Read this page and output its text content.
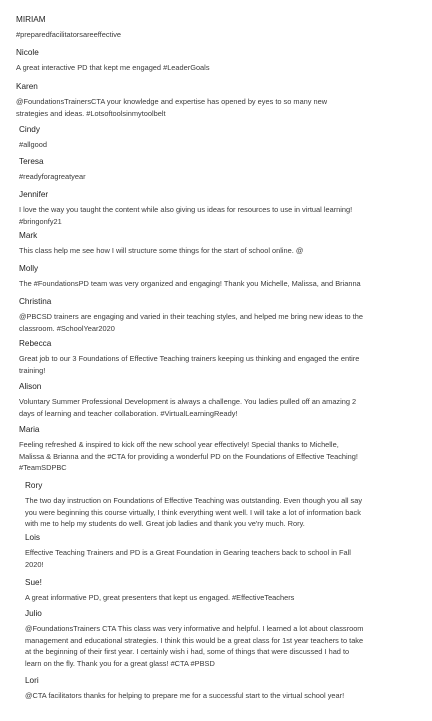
MIRIAM
#preparedfacilitatorsareeffective
Nicole
A great interactive PD that kept me engaged #LeaderGoals
Karen
@FoundationsTrainersCTA your knowledge and expertise has opened by eyes to so many new
strategies and ideas. #Lotsoftoolsinmytoolbelt
Cindy
#allgood
Teresa
#readyforagreatyear
Jennifer
I love the way you taught the content while also giving us ideas for resources to use in virtual learning!
#bringonfy21
Mark
This class help me see how I will structure some things for the start of school online. @
Molly
The #FoundationsPD team was very organized and engaging! Thank you Michelle, Malissa, and Brianna
Christina
@PBCSD trainers are engaging and varied in their teaching styles, and helped me bring new ideas to the
classroom. #SchoolYear2020
Rebecca
Great job to our 3 Foundations of Effective Teaching trainers keeping us thinking and engaged the entire
training!
Alison
Voluntary Summer Professional Development is always a challenge. You ladies pulled off an amazing 2
days of learning and teacher collaboration. #VirtualLearningReady!
Maria
Feeling refreshed & inspired to kick off the new school year effectively! Special thanks to Michelle,
Malissa & Brianna and the #CTA for providing a wonderful PD on the Foundations of Effective Teaching!
#TeamSDPBC
Rory
The two day instruction on Foundations of Effective Teaching was outstanding. Even though you all say
you were beginning this course virtually, I think everything went well. I will take a lot of information back
with me to help my students do well. Great job ladies and thank you ve'ry much. Rory.
Lois
Effective Teaching Trainers and PD is a Great Foundation in Gearing teachers back to school in Fall
2020!
Sue!
A great informative PD, great presenters that kept us engaged. #EffectiveTeachers
Julio
@FoundationsTrainers CTA This class was very informative and helpful. I learned a lot about classroom
management and educational strategies. I think this would be a great class for 1st year teachers to take
at the beginning of their first year. I certainly wish i had, some of things that were discussed I had to
learn on the fly. Thank you for a great glass! #CTA #PBSD
Lori
@CTA facilitators thanks for helping to prepare me for a successful start to the virtual school year!
